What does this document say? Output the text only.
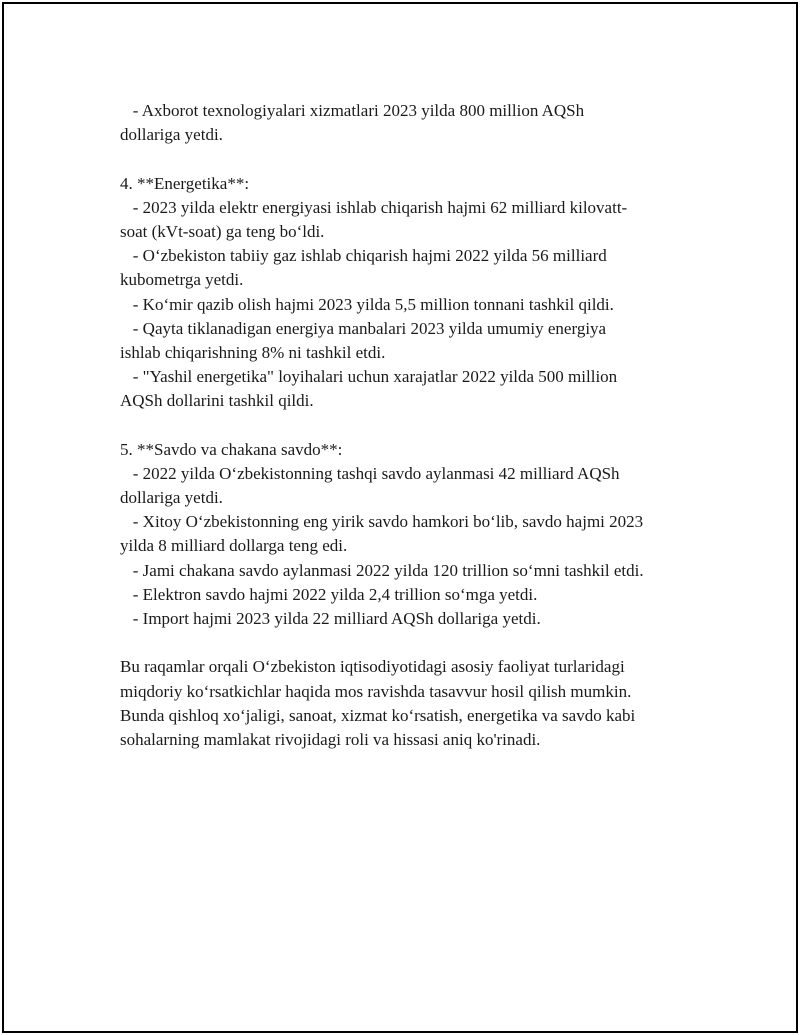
- Axborot texnologiyalari xizmatlari 2023 yilda 800 million AQSh
dollariga yetdi.
4. **Energetika**:
- 2023 yilda elektr energiyasi ishlab chiqarish hajmi 62 milliard kilovatt-
soat (kVt-soat) ga teng bo‘ldi.
- O‘zbekiston tabiiy gaz ishlab chiqarish hajmi 2022 yilda 56 milliard
kubometrga yetdi.
- Ko‘mir qazib olish hajmi 2023 yilda 5,5 million tonnani tashkil qildi.
- Qayta tiklanadigan energiya manbalari 2023 yilda umumiy energiya
ishlab chiqarishning 8% ni tashkil etdi.
- "Yashil energetika" loyihalari uchun xarajatlar 2022 yilda 500 million
AQSh dollarini tashkil qildi.
5. **Savdo va chakana savdo**:
- 2022 yilda O‘zbekistonning tashqi savdo aylanmasi 42 milliard AQSh
dollariga yetdi.
- Xitoy O‘zbekistonning eng yirik savdo hamkori bo‘lib, savdo hajmi 2023
yilda 8 milliard dollarga teng edi.
- Jami chakana savdo aylanmasi 2022 yilda 120 trillion so‘mni tashkil etdi.
- Elektron savdo hajmi 2022 yilda 2,4 trillion so‘mga yetdi.
- Import hajmi 2023 yilda 22 milliard AQSh dollariga yetdi.
Bu raqamlar orqali O‘zbekiston iqtisodiyotidagi asosiy faoliyat turlaridagi
miqdoriy ko‘rsatkichlar haqida mos ravishda tasavvur hosil qilish mumkin.
Bunda qishloq xo‘jaligi, sanoat, xizmat ko‘rsatish, energetika va savdo kabi
sohalarning mamlakat rivojidagi roli va hissasi aniq ko'rinadi.
